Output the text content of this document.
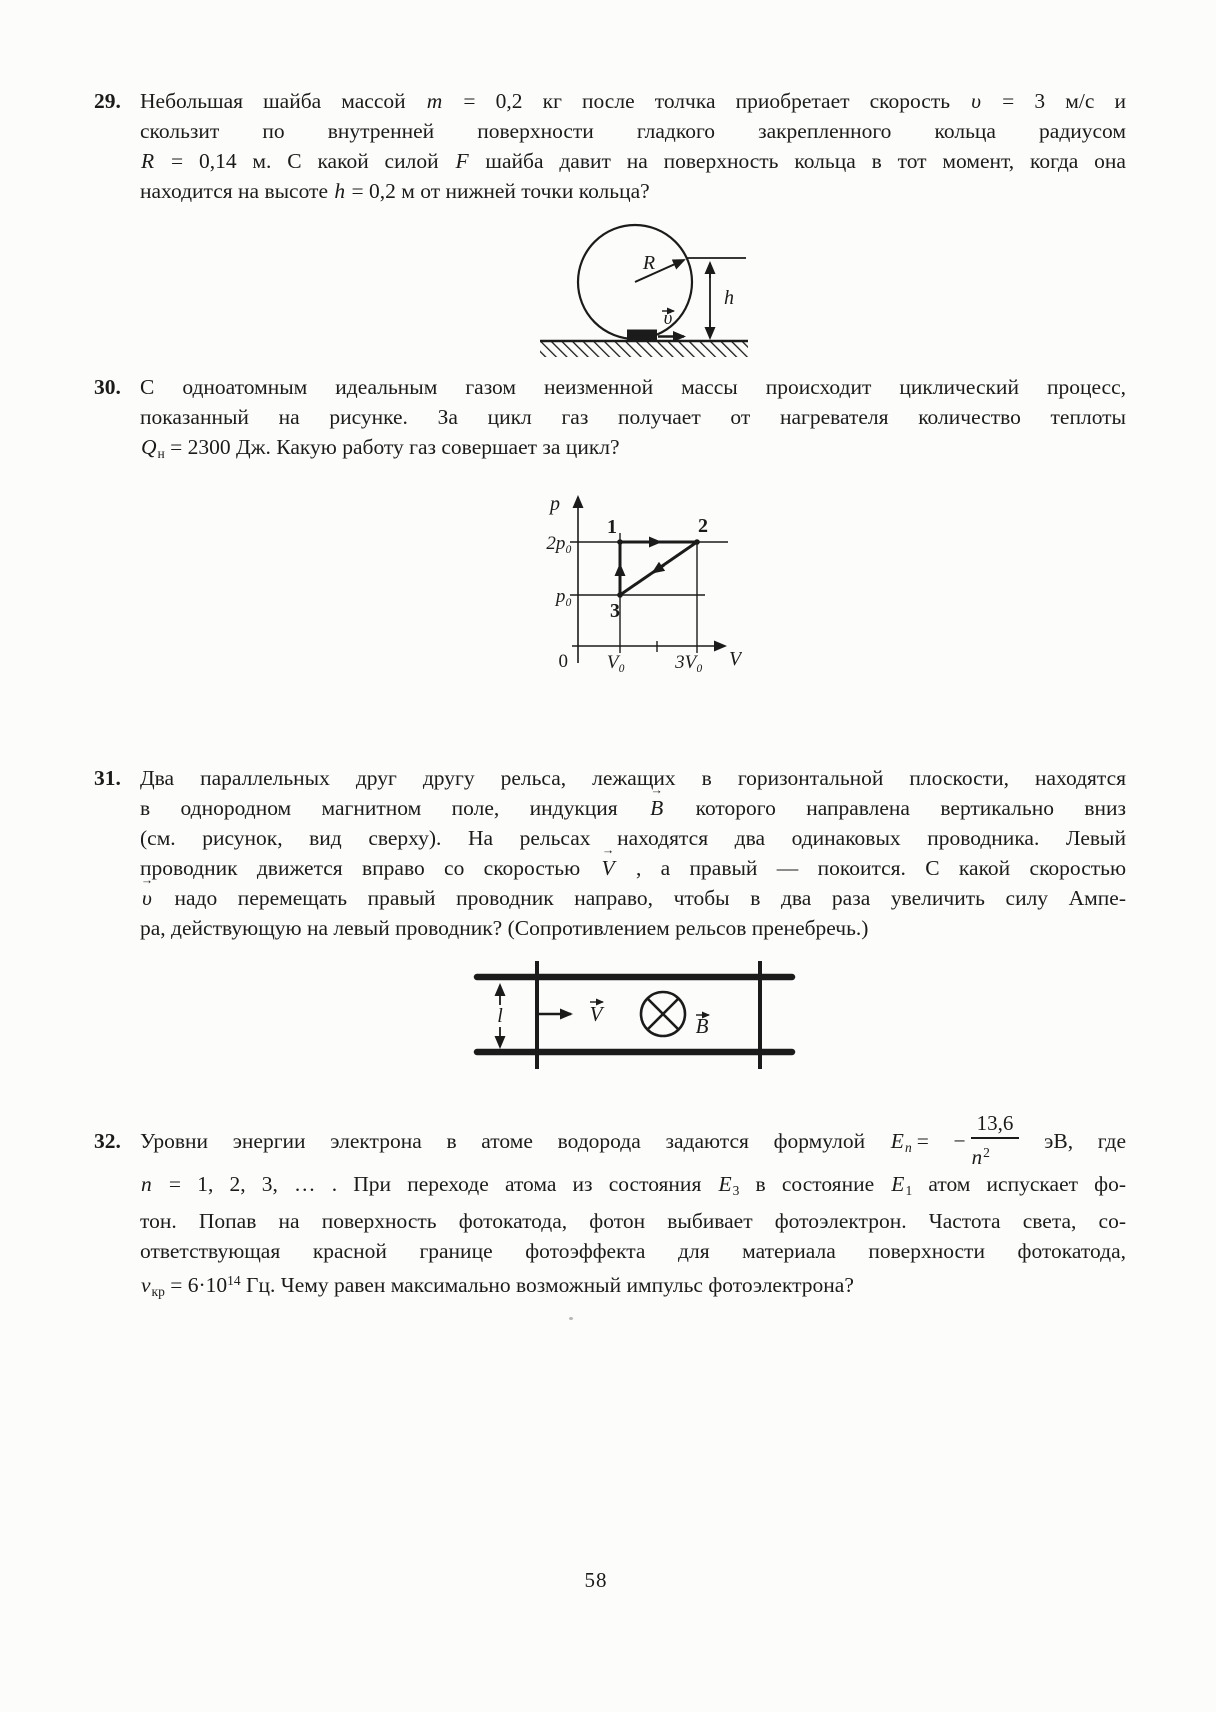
29. Небольшая шайба массой m = 0,2 кг после толчка приобретает скорость υ = 3 м/с и
скользит по внутренней поверхности гладкого закрепленного кольца радиусом
R = 0,14 м. С какой силой F шайба давит на поверхность кольца в тот момент, когда она
находится на высоте h = 0,2 м от нижней точки кольца?
R
h
υ
30. С одноатомным идеальным газом неизменной массы происходит циклический процесс,
показанный на рисунке. За цикл газ получает от нагревателя количество теплоты
$Q_н = 2300$ Дж. Какую работу газ совершает за цикл?
p
2p₀
p₀
0 V₀	3V₀ V
1	2
3
31. Два параллельных друг другу рельса, лежащих в горизонтальной плоскости, находятся
в однородном магнитном поле, индукция B → которого направлена вертикально вниз
(см. рисунок, вид сверху). На рельсах находятся два одинаковых проводника. Левый
проводник движется вправо со скоростью V → , а правый — покоится. С какой скоростью
υ → надо перемещать правый проводник направо, чтобы в два раза увеличить силу Ампе-
ра, действующую на левый проводник? (Сопротивлением рельсов пренебречь.)
l	V	B
32. Уровни энергии электрона в атоме водорода задаются формулой $E_n$ = − $\frac{13,6}{n^2}$ эВ, где
n = 1, 2, 3, … . При переходе атома из состояния $E_3$ в состояние $E_1$ атом испускает фо-
тон. Попав на поверхность фотокатода, фотон выбивает фотоэлектрон. Частота света, со-
ответствующая красной границе фотоэффекта для материала поверхности фотокатода,
$\nu_{кр} = 6\cdot 10^{14}$ Гц. Чему равен максимально возможный импульс фотоэлектрона?
58
